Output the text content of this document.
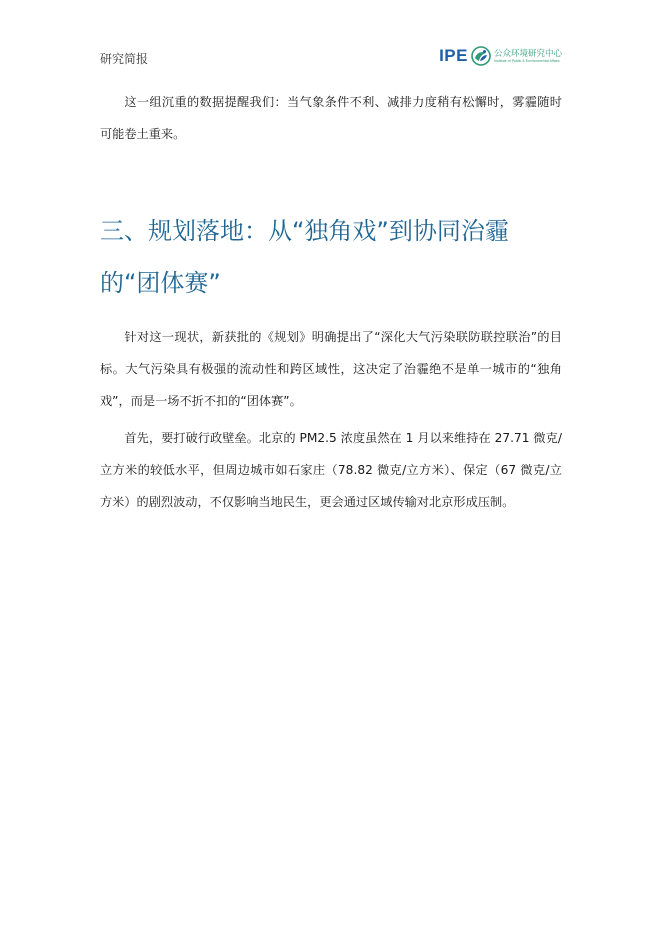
研究简报	IPE	公众环境研究中心
Institute of Public & Environmental Affairs

这一组沉重的数据提醒我们：当气象条件不利、减排力度稍有松懈时，雾霾随时可能卷土重来。

三、规划落地：从“独角戏”到协同治霾的“团体赛”

针对这一现状，新获批的《规划》明确提出了“深化大气污染联防联控联治”的目标。大气污染具有极强的流动性和跨区域性，这决定了治霾绝不是单一城市的“独角戏”，而是一场不折不扣的“团体赛”。

首先，要打破行政壁垒。北京的 PM2.5 浓度虽然在 1 月以来维持在 27.71 微克/立方米的较低水平，但周边城市如石家庄（78.82 微克/立方米）、保定（67 微克/立方米）的剧烈波动，不仅影响当地民生，更会通过区域传输对北京形成压制。
